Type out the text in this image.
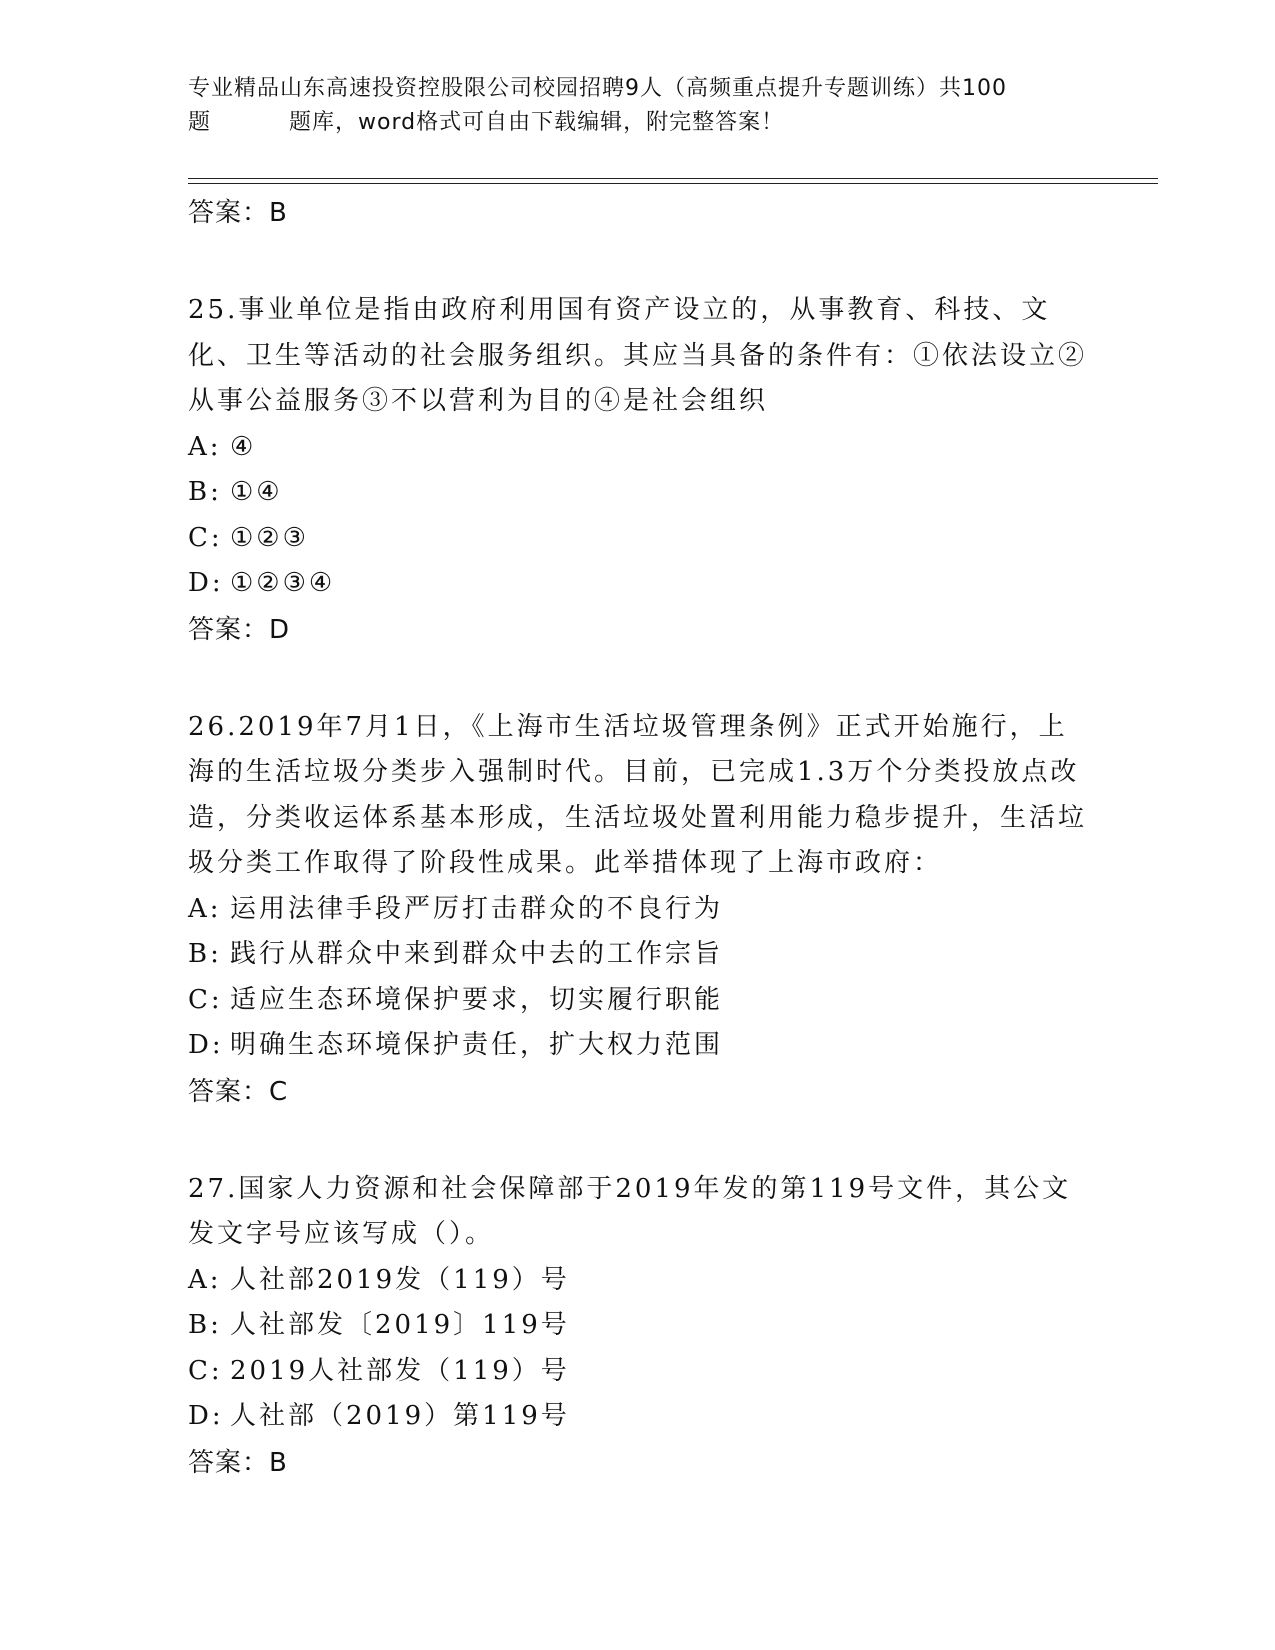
专业精品山东高速投资控股限公司校园招聘9人（高频重点提升专题训练）共100
题	题库，word格式可自由下载编辑，附完整答案！
答案：B

25.事业单位是指由政府利用国有资产设立的，从事教育、科技、文化、卫生等活动的社会服务组织。其应当具备的条件有：①依法设立②从事公益服务③不以营利为目的④是社会组织

A: ④
B: ①④
C: ①②③
D: ①②③④
答案：D

26.2019年7月1日，《上海市生活垃圾管理条例》正式开始施行，上海的生活垃圾分类步入强制时代。目前，已完成1.3万个分类投放点改造，分类收运体系基本形成，生活垃圾处置利用能力稳步提升，生活垃圾分类工作取得了阶段性成果。此举措体现了上海市政府：

A: 运用法律手段严厉打击群众的不良行为
B: 践行从群众中来到群众中去的工作宗旨
C: 适应生态环境保护要求，切实履行职能
D: 明确生态环境保护责任，扩大权力范围
答案：C

27.国家人力资源和社会保障部于2019年发的第119号文件，其公文发文字号应该写成（）。

A: 人社部2019发（119）号
B: 人社部发〔2019〕119号
C: 2019人社部发（119）号
D: 人社部（2019）第119号
答案：B
